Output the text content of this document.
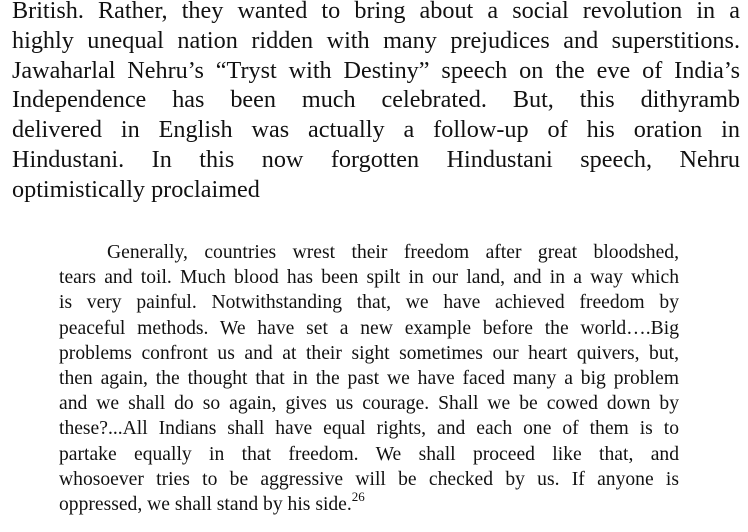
British. Rather, they wanted to bring about a social revolution in a
highly unequal nation ridden with many prejudices and superstitions.
Jawaharlal Nehru’s “Tryst with Destiny” speech on the eve of India’s
Independence has been much celebrated. But, this dithyramb
delivered in English was actually a follow-up of his oration in
Hindustani. In this now forgotten Hindustani speech, Nehru
optimistically proclaimed
Generally, countries wrest their freedom after great bloodshed,
tears and toil. Much blood has been spilt in our land, and in a way which
is very painful. Notwithstanding that, we have achieved freedom by
peaceful methods. We have set a new example before the world….Big
problems confront us and at their sight sometimes our heart quivers, but,
then again, the thought that in the past we have faced many a big problem
and we shall do so again, gives us courage. Shall we be cowed down by
these?...All Indians shall have equal rights, and each one of them is to
partake equally in that freedom. We shall proceed like that, and
whosoever tries to be aggressive will be checked by us. If anyone is
oppressed, we shall stand by his side.$^{26}$
